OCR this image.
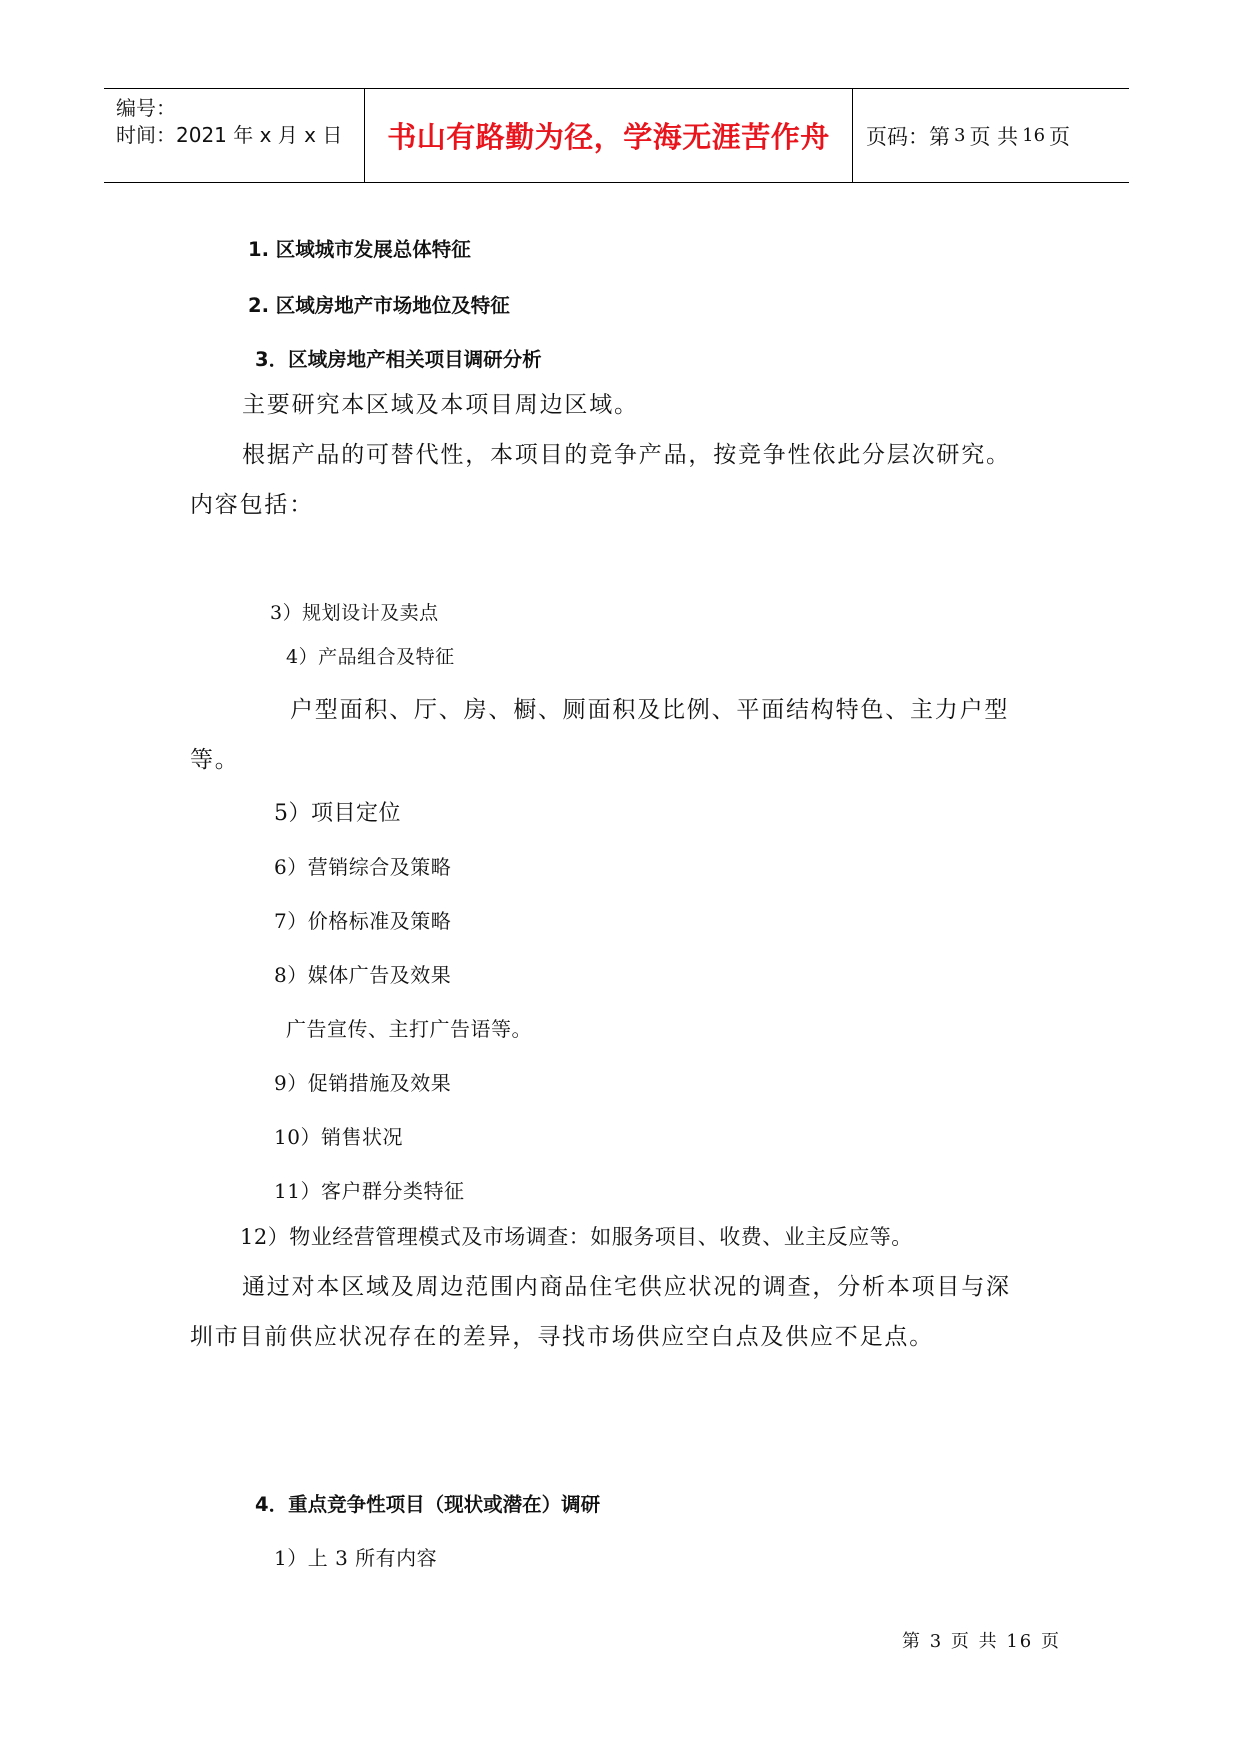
编号：
时间：2021 年 x 月 x 日	书山有路勤为径，学海无涯苦作舟	页码：第 3 页 共 16 页
1. 区域城市发展总体特征
2. 区域房地产市场地位及特征
3．区域房地产相关项目调研分析
主要研究本区域及本项目周边区域。
根据产品的可替代性，本项目的竞争产品，按竞争性依此分层次研究。
内容包括：
3）规划设计及卖点
4）产品组合及特征
户型面积、厅、房、橱、厕面积及比例、平面结构特色、主力户型
等。
5）项目定位
6）营销综合及策略
7）价格标准及策略
8）媒体广告及效果
广告宣传、主打广告语等。
9）促销措施及效果
10）销售状况
11）客户群分类特征
12）物业经营管理模式及市场调查：如服务项目、收费、业主反应等。
通过对本区域及周边范围内商品住宅供应状况的调查，分析本项目与深
圳市目前供应状况存在的差异，寻找市场供应空白点及供应不足点。
4．重点竞争性项目（现状或潜在）调研
1）上 3 所有内容
第 3 页 共 16 页
